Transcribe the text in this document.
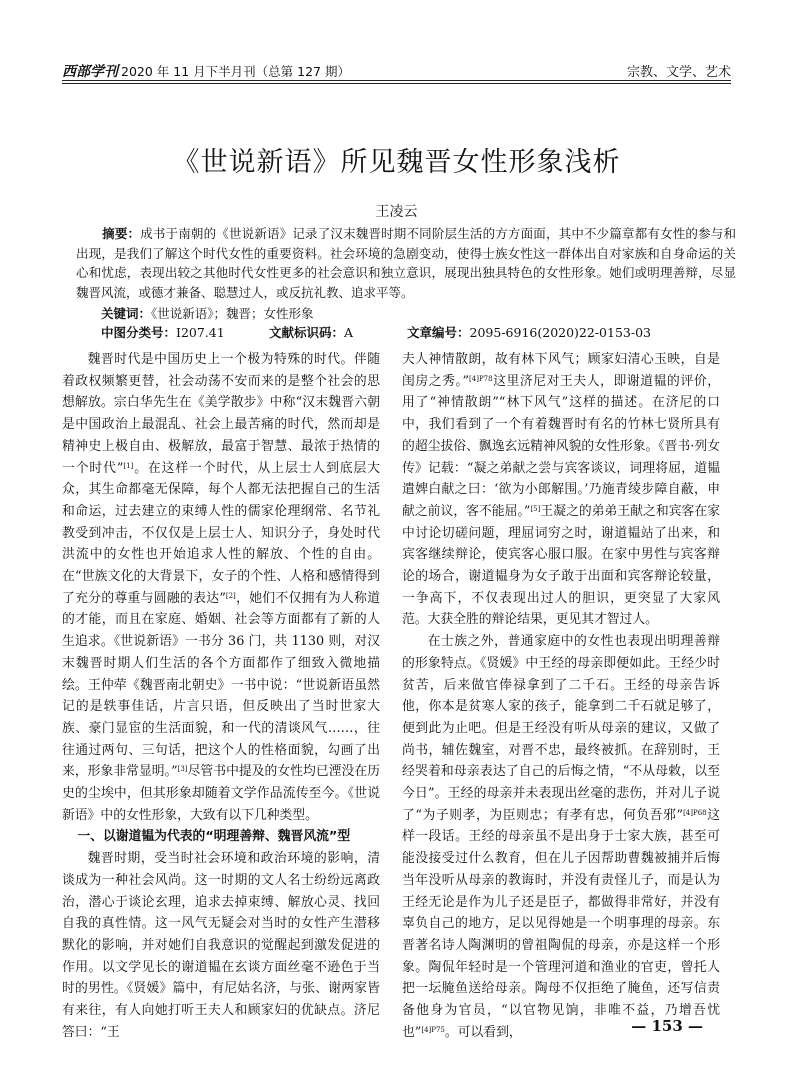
西部学刊 2020 年 11 月下半月刊（总第 127 期）	宗教、文学、艺术
《世说新语》所见魏晋女性形象浅析
王凌云
摘要：成书于南朝的《世说新语》记录了汉末魏晋时期不同阶层生活的方方面面，其中不少篇章都有女性的参与和出现，是我们了解这个时代女性的重要资料。社会环境的急剧变动，使得士族女性这一群体出自对家族和自身命运的关心和忧虑，表现出较之其他时代女性更多的社会意识和独立意识，展现出独具特色的女性形象。她们或明理善辩，尽显魏晋风流，或德才兼备、聪慧过人，或反抗礼教、追求平等。
关键词：《世说新语》；魏晋；女性形象
中图分类号：I207.41	文献标识码：A	文章编号：2095-6916(2020)22-0153-03

魏晋时代是中国历史上一个极为特殊的时代。伴随着政权频繁更替，社会动荡不安而来的是整个社会的思想解放。宗白华先生在《美学散步》中称“汉末魏晋六朝是中国政治上最混乱、社会上最苦痛的时代，然而却是精神史上极自由、极解放，最富于智慧、最浓于热情的一个时代”[1]。在这样一个时代，从上层士人到底层大众，其生命都毫无保障，每个人都无法把握自己的生活和命运，过去建立的束缚人性的儒家伦理纲常、名节礼教受到冲击，不仅仅是上层士人、知识分子，身处时代洪流中的女性也开始追求人性的解放、个性的自由。在“世族文化的大背景下，女子的个性、人格和感情得到了充分的尊重与圆融的表达”[2]，她们不仅拥有为人称道的才能，而且在家庭、婚姻、社会等方面都有了新的人生追求。《世说新语》一书分 36 门，共 1130 则，对汉末魏晋时期人们生活的各个方面都作了细致入微地描绘。王仲荦《魏晋南北朝史》一书中说：“世说新语虽然记的是轶事佳话，片言只语，但反映出了当时世家大族、豪门显宦的生活面貌，和一代的清谈风气……，往往通过两句、三句话，把这个人的性格面貌，勾画了出来，形象非常显明。”[3]尽管书中提及的女性均已湮没在历史的尘埃中，但其形象却随着文学作品流传至今。《世说新语》中的女性形象，大致有以下几种类型。

一、以谢道韫为代表的“明理善辩、魏晋风流”型

魏晋时期，受当时社会环境和政治环境的影响，清谈成为一种社会风尚。这一时期的文人名士纷纷远离政治，潜心于谈论玄理，追求去掉束缚、解放心灵、找回自我的真性情。这一风气无疑会对当时的女性产生潜移默化的影响，并对她们自我意识的觉醒起到激发促进的作用。以文学见长的谢道韫在玄谈方面丝毫不逊色于当时的男性。《贤媛》篇中，有尼姑名济，与张、谢两家皆有来往，有人向她打听王夫人和顾家妇的优缺点。济尼答曰：“王

夫人神情散朗，故有林下风气；顾家妇清心玉映，自是闺房之秀。”$^{[4]P78}$这里济尼对王夫人，即谢道韫的评价，用了“神情散朗”“林下风气”这样的描述。在济尼的口中，我们看到了一个有着魏晋时有名的竹林七贤所具有的超尘拔俗、飘逸玄远精神风貌的女性形象。《晋书·列女传》记载：“凝之弟献之尝与宾客谈议，词理将屈，道韫遣婢白献之曰：‘欲为小郎解围。’乃施青绫步障自蔽，申献之前议，客不能屈。”[5]王凝之的弟弟王献之和宾客在家中讨论切磋问题，理屈词穷之时，谢道韫站了出来，和宾客继续辩论，使宾客心服口服。在家中男性与宾客辩论的场合，谢道韫身为女子敢于出面和宾客辩论较量，一争高下，不仅表现出过人的胆识，更突显了大家风范。大获全胜的辩论结果，更见其才智过人。

在士族之外，普通家庭中的女性也表现出明理善辩的形象特点。《贤媛》中王经的母亲即便如此。王经少时贫苦，后来做官俸禄拿到了二千石。王经的母亲告诉他，你本是贫寒人家的孩子，能拿到二千石就足够了，便到此为止吧。但是王经没有听从母亲的建议，又做了尚书，辅佐魏室，对晋不忠，最终被抓。在辞别时，王经哭着和母亲表达了自己的后悔之情，“不从母敕，以至今日”。王经的母亲并未表现出丝毫的悲伤，并对儿子说了“为子则孝，为臣则忠；有孝有忠，何负吾邪”$^{[4]P68}$这样一段话。王经的母亲虽不是出身于士家大族，甚至可能没接受过什么教育，但在儿子因帮助曹魏被捕并后悔当年没听从母亲的教诲时，并没有责怪儿子，而是认为王经无论是作为儿子还是臣子，都做得非常好，并没有辜负自己的地方，足以见得她是一个明事理的母亲。东晋著名诗人陶渊明的曾祖陶侃的母亲，亦是这样一个形象。陶侃年轻时是一个管理河道和渔业的官吏，曾托人把一坛腌鱼送给母亲。陶母不仅拒绝了腌鱼，还写信责备他身为官员，“以官物见饷，非唯不益，乃增吾忧也”$^{[4]P75}$。可以看到，	— 153 —
